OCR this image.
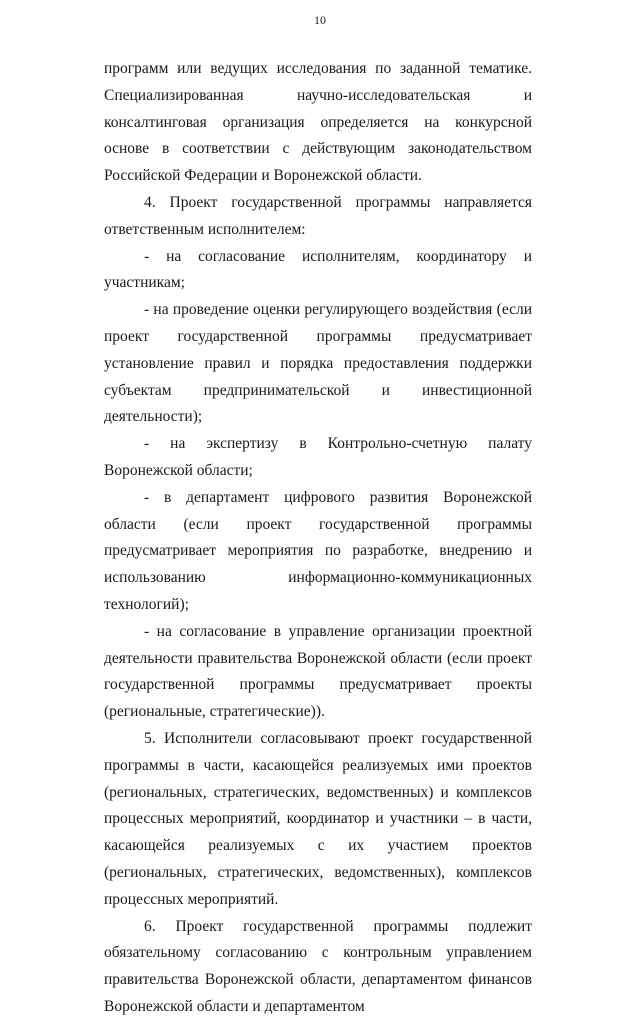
10

программ или ведущих исследования по заданной тематике. Специализированная научно-исследовательская и консалтинговая организация определяется на конкурсной основе в соответствии с действующим законодательством Российской Федерации и Воронежской области.

4. Проект государственной программы направляется ответственным исполнителем:

- на согласование исполнителям, координатору и участникам;

- на проведение оценки регулирующего воздействия (если проект государственной программы предусматривает установление правил и порядка предоставления поддержки субъектам предпринимательской и инвестиционной деятельности);

- на экспертизу в Контрольно-счетную палату Воронежской области;

- в департамент цифрового развития Воронежской области (если проект государственной программы предусматривает мероприятия по разработке, внедрению и использованию информационно-коммуникационных технологий);

- на согласование в управление организации проектной деятельности правительства Воронежской области (если проект государственной программы предусматривает проекты (региональные, стратегические)).

5. Исполнители согласовывают проект государственной программы в части, касающейся реализуемых ими проектов (региональных, стратегических, ведомственных) и комплексов процессных мероприятий, координатор и участники – в части, касающейся реализуемых с их участием проектов (региональных, стратегических, ведомственных), комплексов процессных мероприятий.

6. Проект государственной программы подлежит обязательному согласованию с контрольным управлением правительства Воронежской области, департаментом финансов Воронежской области и департаментом
